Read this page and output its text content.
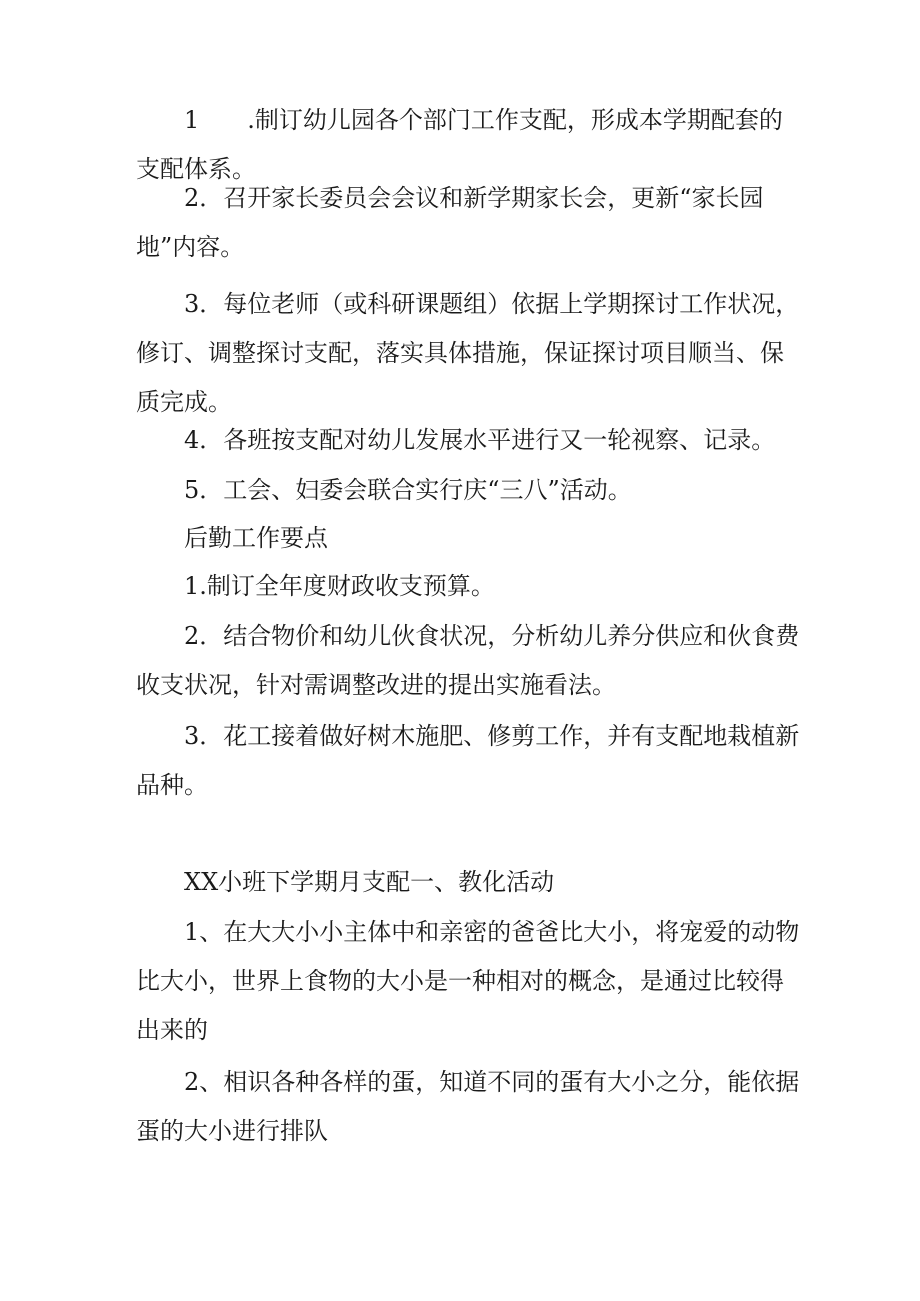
1　　.制订幼儿园各个部门工作支配，形成本学期配套的支配体系。

2．召开家长委员会会议和新学期家长会，更新“家长园地”内容。

3．每位老师（或科研课题组）依据上学期探讨工作状况，修订、调整探讨支配，落实具体措施，保证探讨项目顺当、保质完成。

4．各班按支配对幼儿发展水平进行又一轮视察、记录。

5．工会、妇委会联合实行庆“三八”活动。

后勤工作要点

1.制订全年度财政收支预算。

2．结合物价和幼儿伙食状况，分析幼儿养分供应和伙食费收支状况，针对需调整改进的提出实施看法。

3．花工接着做好树木施肥、修剪工作，并有支配地栽植新品种。

XX小班下学期月支配一、教化活动

1、在大大小小主体中和亲密的爸爸比大小，将宠爱的动物比大小，世界上食物的大小是一种相对的概念，是通过比较得出来的

2、相识各种各样的蛋，知道不同的蛋有大小之分，能依据蛋的大小进行排队
